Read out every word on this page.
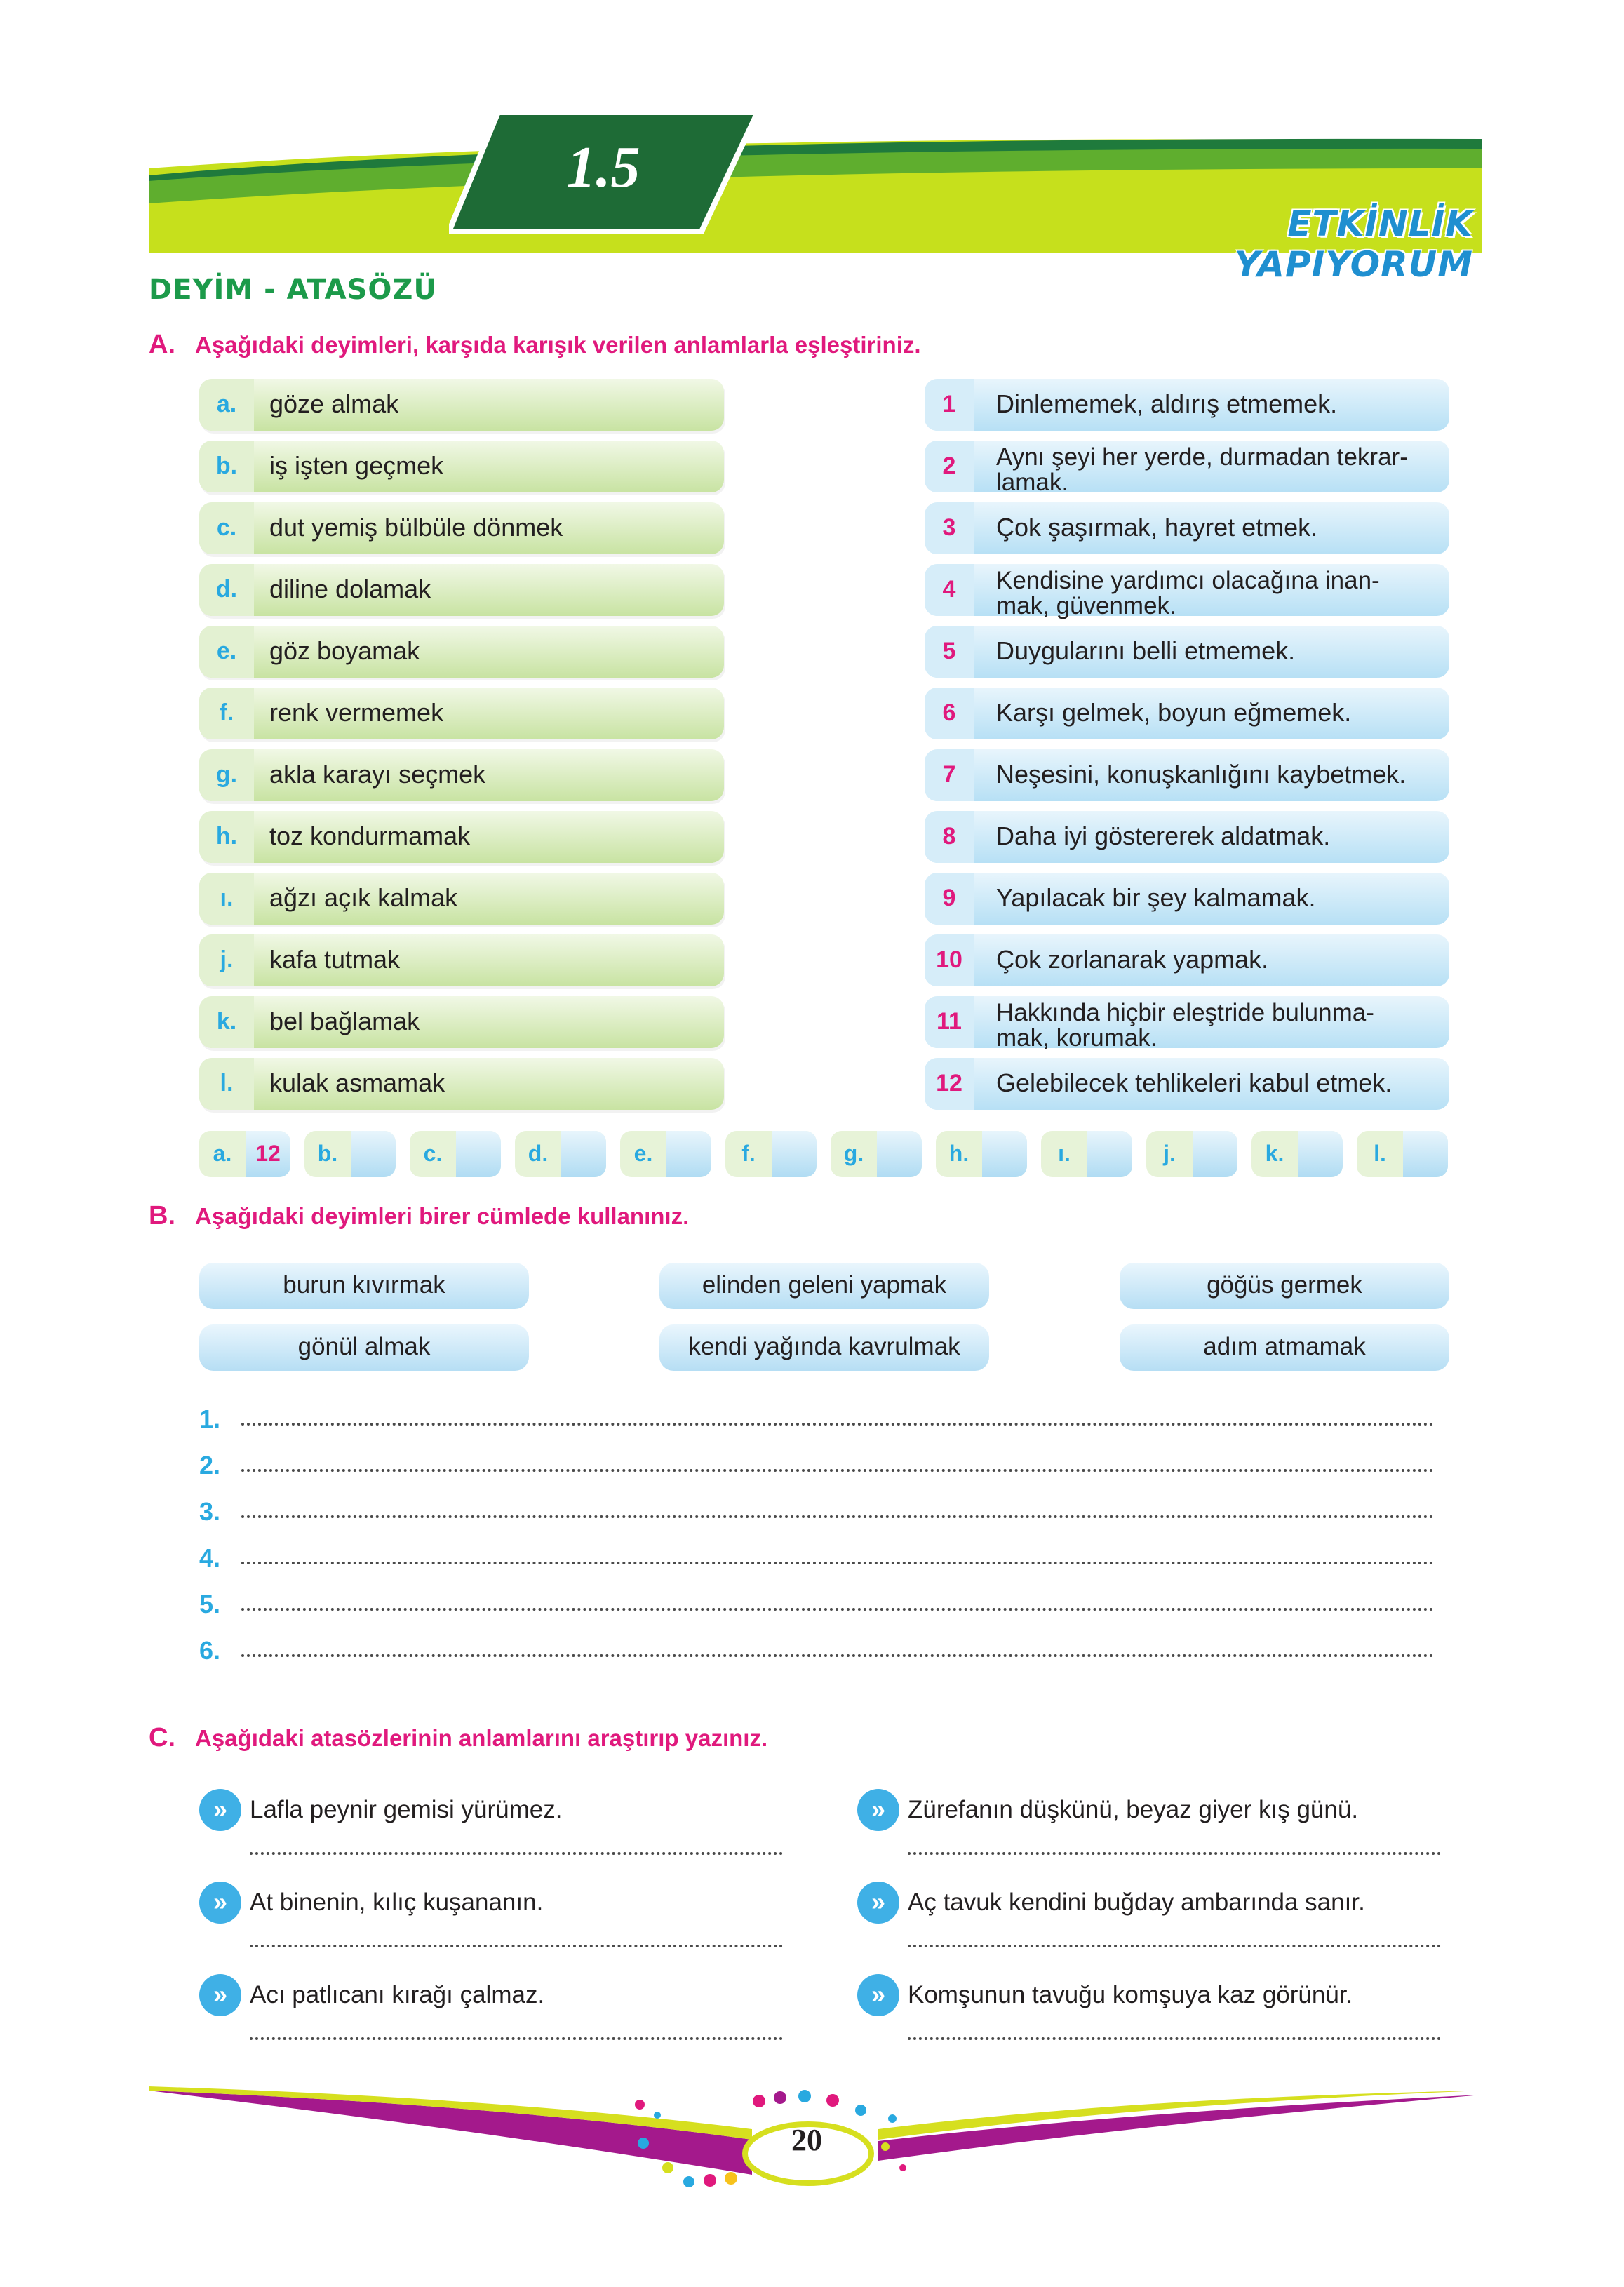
1.5
ETKİNLİK YAPIYORUM
DEYİM - ATASÖZÜ
A. Aşağıdaki deyimleri, karşıda karışık verilen anlamlarla eşleştiriniz.
a.	göze almak
b.	iş işten geçmek
c.	dut yemiş bülbüle dönmek
d.	diline dolamak
e.	göz boyamak
f.	renk vermemek
g.	akla karayı seçmek
h.	toz kondurmamak
ı.	ağzı açık kalmak
j.	kafa tutmak
k.	bel bağlamak
l.	kulak asmamak
1	Dinlememek, aldırış etmemek.
2	Aynı şeyi her yerde, durmadan tekrar-
lamak.
3	Çok şaşırmak, hayret etmek.
4	Kendisine yardımcı olacağına inan-
mak, güvenmek.
5	Duygularını belli etmemek.
6	Karşı gelmek, boyun eğmemek.
7	Neşesini, konuşkanlığını kaybetmek.
8	Daha iyi göstererek aldatmak.
9	Yapılacak bir şey kalmamak.
10	Çok zorlanarak yapmak.
11	Hakkında hiçbir eleştride bulunma-
mak, korumak.
12	Gelebilecek tehlikeleri kabul etmek.
a.	12	b.	c.	d.	e.	f.	g.	h.	ı.	j.	k.	l.
B. Aşağıdaki deyimleri birer cümlede kullanınız.
burun kıvırmak	elinden geleni yapmak	göğüs germek
gönül almak	kendi yağında kavrulmak	adım atmamak
1.
2.
3.
4.
5.
6.
C. Aşağıdaki atasözlerinin anlamlarını araştırıp yazınız.
» Lafla peynir gemisi yürümez.
» At binenin, kılıç kuşananın.
» Acı patlıcanı kırağı çalmaz.
» Zürefanın düşkünü, beyaz giyer kış günü.
» Aç tavuk kendini buğday ambarında sanır.
» Komşunun tavuğu komşuya kaz görünür.
20
